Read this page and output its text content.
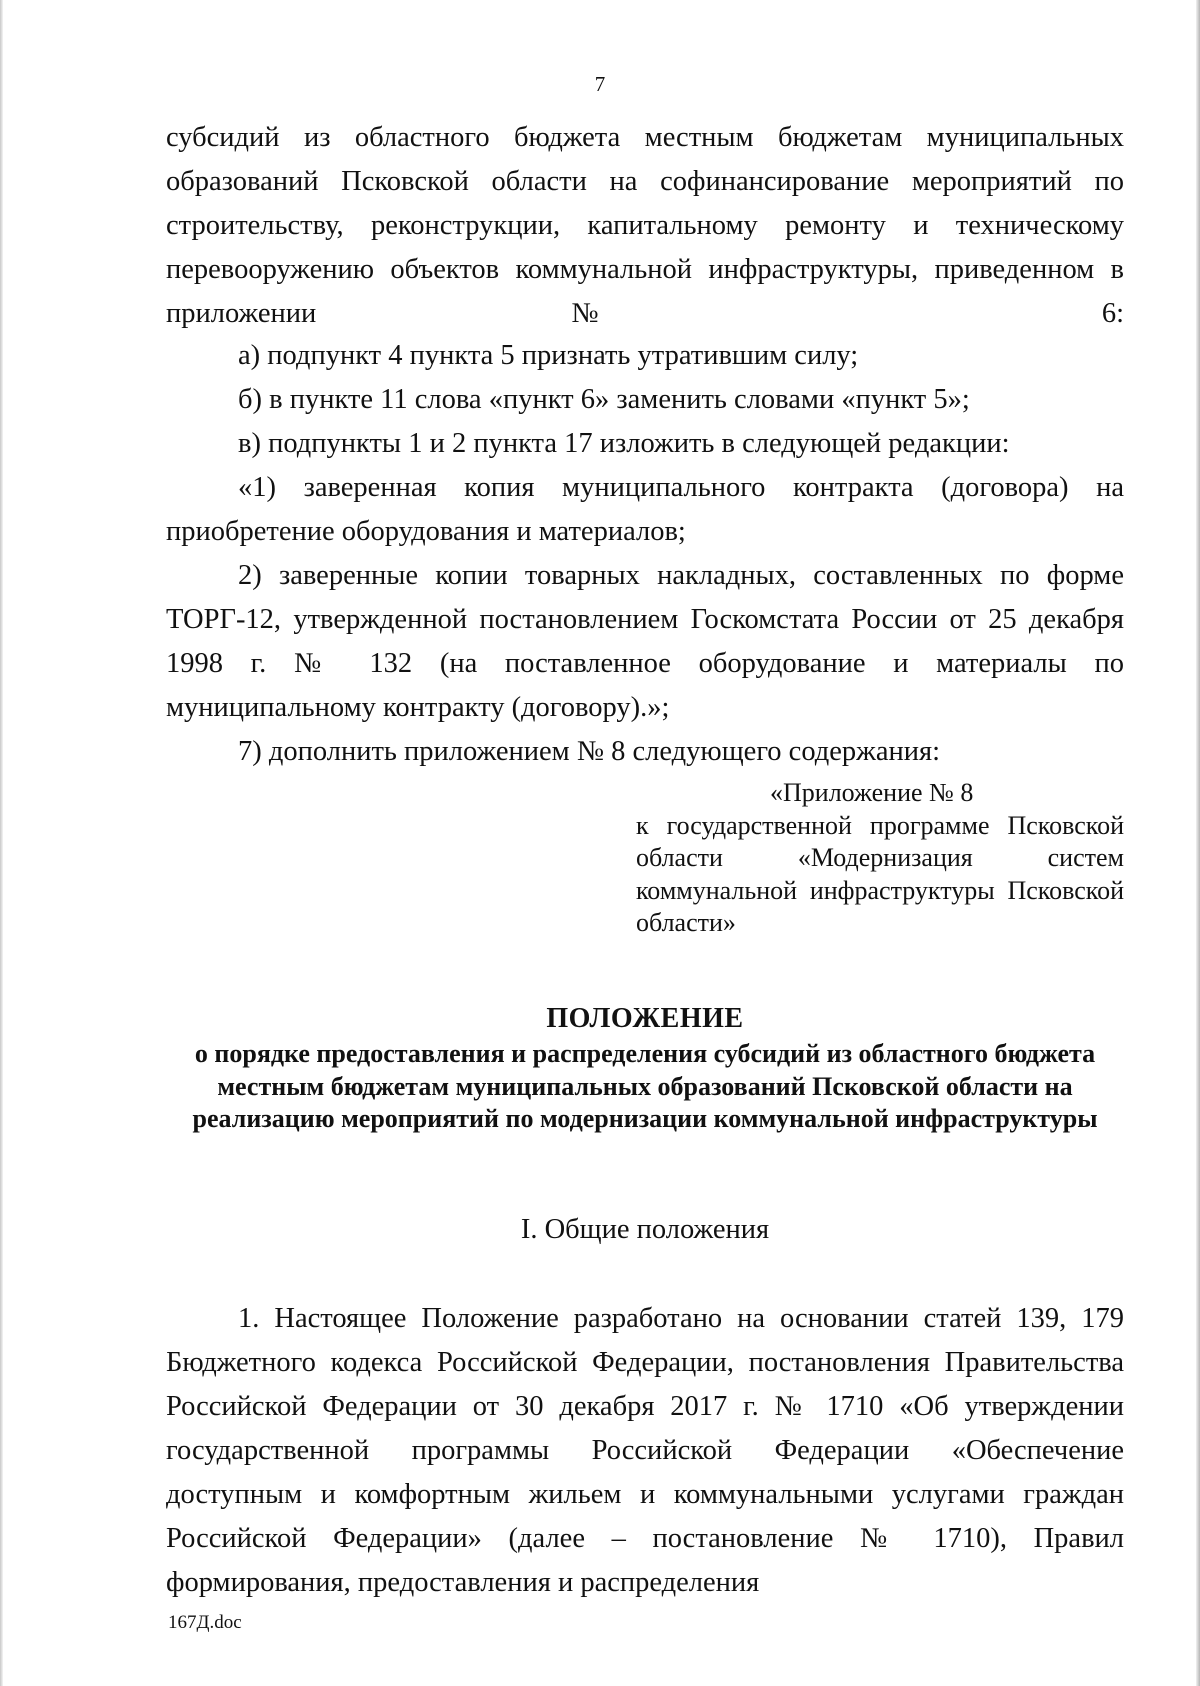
7

субсидий из областного бюджета местным бюджетам муниципальных образований Псковской области на софинансирование мероприятий по строительству, реконструкции, капитальному ремонту и техническому перевооружению объектов коммунальной инфраструктуры, приведенном в приложении № 6:

а) подпункт 4 пункта 5 признать утратившим силу;

б) в пункте 11 слова «пункт 6» заменить словами «пункт 5»;

в) подпункты 1 и 2 пункта 17 изложить в следующей редакции:

«1) заверенная копия муниципального контракта (договора) на приобретение оборудования и материалов;

2) заверенные копии товарных накладных, составленных по форме ТОРГ-12, утвержденной постановлением Госкомстата России от 25 декабря 1998 г. № 132 (на поставленное оборудование и материалы по муниципальному контракту (договору).»;

7) дополнить приложением № 8 следующего содержания:

«Приложение № 8
к государственной программе Псковской области «Модернизация систем коммунальной инфраструктуры Псковской области»

ПОЛОЖЕНИЕ

о порядке предоставления и распределения субсидий из областного бюджета местным бюджетам муниципальных образований Псковской области на реализацию мероприятий по модернизации коммунальной инфраструктуры

I. Общие положения

1. Настоящее Положение разработано на основании статей 139, 179 Бюджетного кодекса Российской Федерации, постановления Правительства Российской Федерации от 30 декабря 2017 г. № 1710 «Об утверждении государственной программы Российской Федерации «Обеспечение доступным и комфортным жильем и коммунальными услугами граждан Российской Федерации» (далее – постановление № 1710), Правил формирования, предоставления и распределения

167Д.doc
